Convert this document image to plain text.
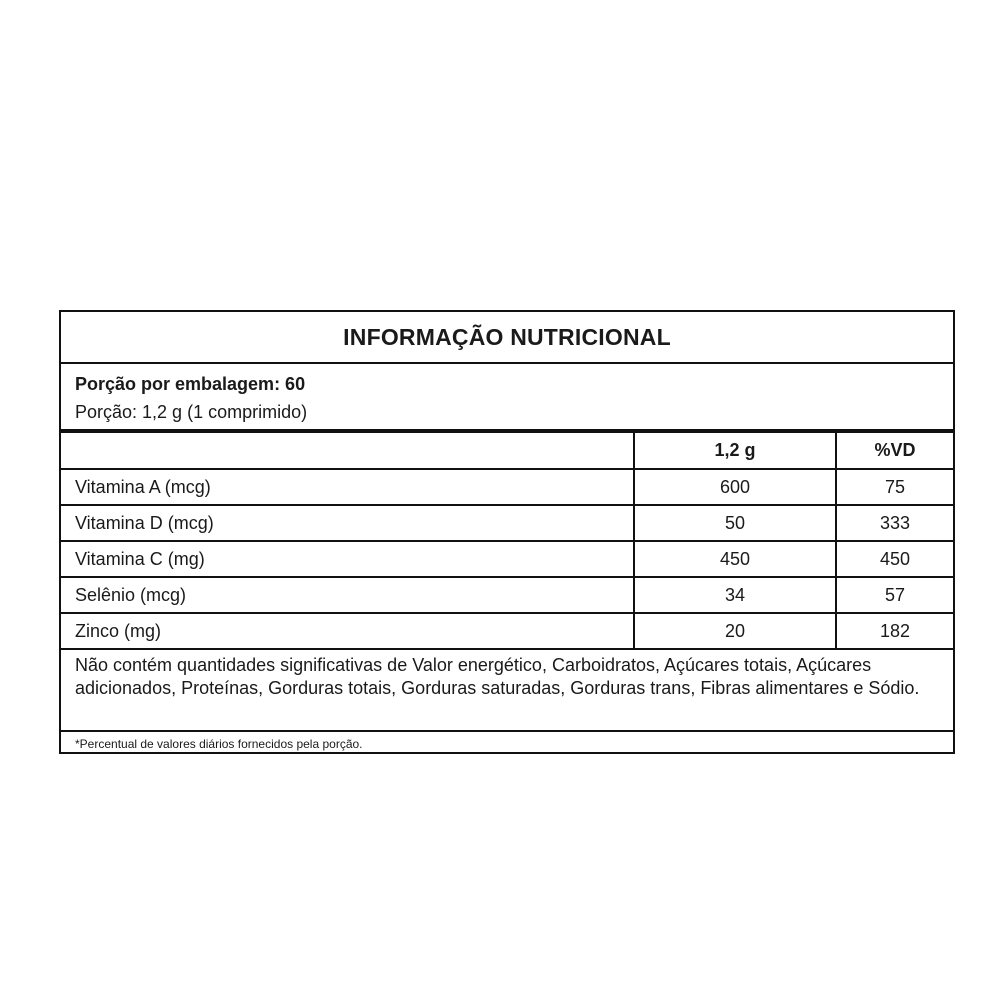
INFORMAÇÃO NUTRICIONAL
Porção por embalagem: 60
Porção: 1,2 g (1 comprimido)
	1,2 g	%VD
Vitamina A (mcg)	600	75
Vitamina D (mcg)	50	333
Vitamina C (mg)	450	450
Selênio (mcg)	34	57
Zinco (mg)	20	182
Não contém quantidades significativas de Valor energético, Carboidratos, Açúcares totais, Açúcares adicionados, Proteínas, Gorduras totais, Gorduras saturadas, Gorduras trans, Fibras alimentares e Sódio.
*Percentual de valores diários fornecidos pela porção.
